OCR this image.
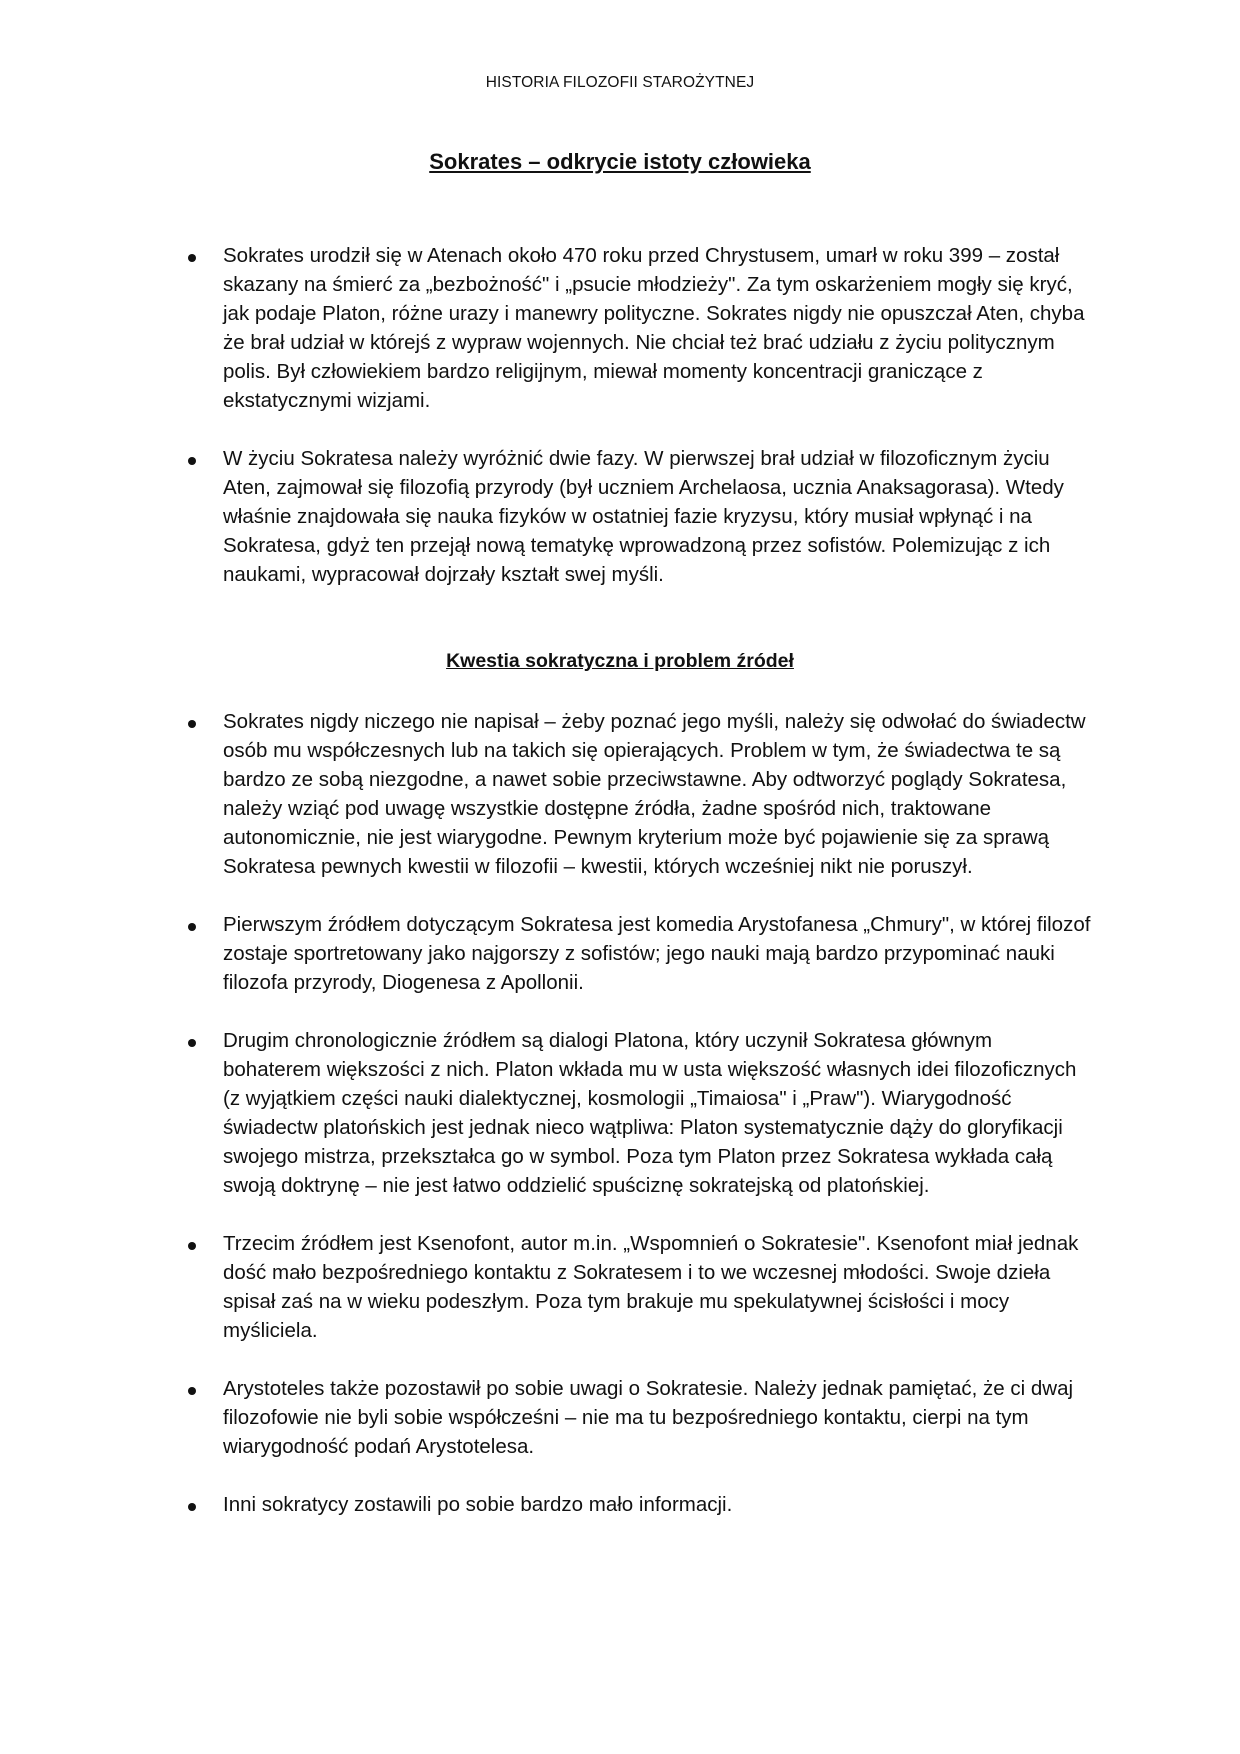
HISTORIA FILOZOFII STAROŻYTNEJ
Sokrates – odkrycie istoty człowieka
Sokrates urodził się w Atenach około 470 roku przed Chrystusem, umarł w roku 399 – został skazany na śmierć za „bezbożność" i „psucie młodzieży". Za tym oskarżeniem mogły się kryć, jak podaje Platon, różne urazy i manewry polityczne. Sokrates nigdy nie opuszczał Aten, chyba że brał udział w którejś z wypraw wojennych. Nie chciał też brać udziału z życiu politycznym polis. Był człowiekiem bardzo religijnym, miewał momenty koncentracji graniczące z ekstatycznymi wizjami.
W życiu Sokratesa należy wyróżnić dwie fazy. W pierwszej brał udział w filozoficznym życiu Aten, zajmował się filozofią przyrody (był uczniem Archelaosa, ucznia Anaksagorasa). Wtedy właśnie znajdowała się nauka fizyków w ostatniej fazie kryzysu, który musiał wpłynąć i na Sokratesa, gdyż ten przejął nową tematykę wprowadzoną przez sofistów. Polemizując z ich naukami, wypracował dojrzały kształt swej myśli.
Kwestia sokratyczna i problem źródeł
Sokrates nigdy niczego nie napisał – żeby poznać jego myśli, należy się odwołać do świadectw osób mu współczesnych lub na takich się opierających. Problem w tym, że świadectwa te są bardzo ze sobą niezgodne, a nawet sobie przeciwstawne. Aby odtworzyć poglądy Sokratesa, należy wziąć pod uwagę wszystkie dostępne źródła, żadne spośród nich, traktowane autonomicznie, nie jest wiarygodne. Pewnym kryterium może być pojawienie się za sprawą Sokratesa pewnych kwestii w filozofii – kwestii, których wcześniej nikt nie poruszył.
Pierwszym źródłem dotyczącym Sokratesa jest komedia Arystofanesa „Chmury", w której filozof zostaje sportretowany jako najgorszy z sofistów; jego nauki mają bardzo przypominać nauki filozofa przyrody, Diogenesa z Apollonii.
Drugim chronologicznie źródłem są dialogi Platona, który uczynił Sokratesa głównym bohaterem większości z nich. Platon wkłada mu w usta większość własnych idei filozoficznych (z wyjątkiem części nauki dialektycznej, kosmologii „Timaiosa" i „Praw"). Wiarygodność świadectw platońskich jest jednak nieco wątpliwa: Platon systematycznie dąży do gloryfikacji swojego mistrza, przekształca go w symbol. Poza tym Platon przez Sokratesa wykłada całą swoją doktrynę – nie jest łatwo oddzielić spuściznę sokratejską od platońskiej.
Trzecim źródłem jest Ksenofont, autor m.in. „Wspomnień o Sokratesie". Ksenofont miał jednak dość mało bezpośredniego kontaktu z Sokratesem i to we wczesnej młodości. Swoje dzieła spisał zaś na w wieku podeszłym. Poza tym brakuje mu spekulatywnej ścisłości i mocy myśliciela.
Arystoteles także pozostawił po sobie uwagi o Sokratesie. Należy jednak pamiętać, że ci dwaj filozofowie nie byli sobie współcześni – nie ma tu bezpośredniego kontaktu, cierpi na tym wiarygodność podań Arystotelesa.
Inni sokratycy zostawili po sobie bardzo mało informacji.
